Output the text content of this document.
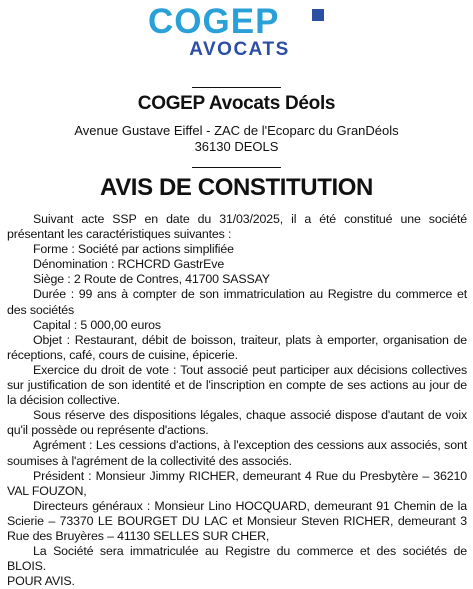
COGEP
AVOCATS
COGEP Avocats Déols
Avenue Gustave Eiffel - ZAC de l'Ecoparc du GranDéols
36130 DEOLS
AVIS DE CONSTITUTION

Suivant acte SSP en date du 31/03/2025, il a été constitué une société présentant les caractéristiques suivantes :

Forme : Société par actions simplifiée

Dénomination : RCHCRD GastrEve

Siège : 2 Route de Contres, 41700 SASSAY

Durée : 99 ans à compter de son immatriculation au Registre du commerce et des sociétés

Capital : 5 000,00 euros

Objet : Restaurant, débit de boisson, traiteur, plats à emporter, organisation de réceptions, café, cours de cuisine, épicerie.

Exercice du droit de vote : Tout associé peut participer aux décisions collectives sur justification de son identité et de l'inscription en compte de ses actions au jour de la décision collective.

Sous réserve des dispositions légales, chaque associé dispose d'autant de voix qu'il possède ou représente d'actions.

Agrément : Les cessions d'actions, à l'exception des cessions aux associés, sont soumises à l'agrément de la collectivité des associés.

Président : Monsieur Jimmy RICHER, demeurant 4 Rue du Presbytère – 36210 VAL FOUZON,

Directeurs généraux : Monsieur Lino HOCQUARD, demeurant 91 Chemin de la Scierie – 73370 LE BOURGET DU LAC et Monsieur Steven RICHER, demeurant 3 Rue des Bruyères – 41130 SELLES SUR CHER,

La Société sera immatriculée au Registre du commerce et des sociétés de BLOIS.

POUR AVIS.
